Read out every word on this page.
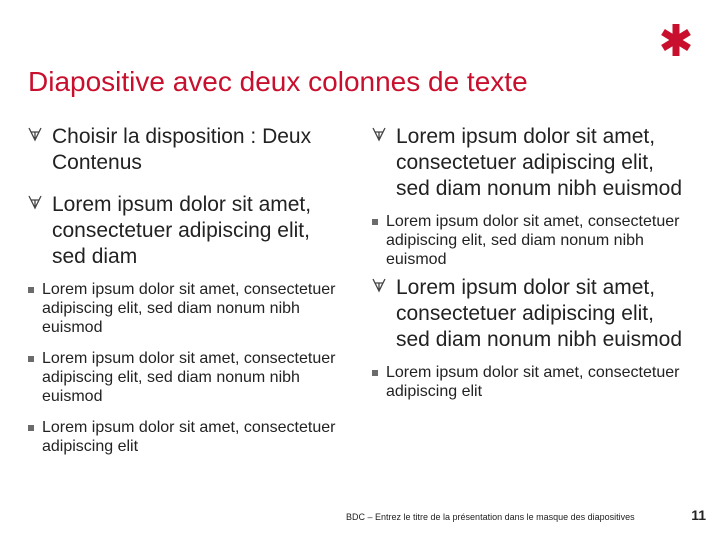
Diapositive avec deux colonnes de texte
Choisir la disposition : Deux Contenus
Lorem ipsum dolor sit amet, consectetuer adipiscing elit, sed diam
Lorem ipsum dolor sit amet, consectetuer adipiscing elit, sed diam nonum nibh euismod
Lorem ipsum dolor sit amet, consectetuer adipiscing elit, sed diam nonum nibh euismod
Lorem ipsum dolor sit amet, consectetuer adipiscing elit
Lorem ipsum dolor sit amet, consectetuer adipiscing elit, sed diam nonum nibh euismod
Lorem ipsum dolor sit amet, consectetuer adipiscing elit, sed diam nonum nibh euismod
Lorem ipsum dolor sit amet, consectetuer adipiscing elit, sed diam nonum nibh euismod
Lorem ipsum dolor sit amet, consectetuer adipiscing elit
BDC – Entrez le titre de la présentation dans le masque des diapositives	11
